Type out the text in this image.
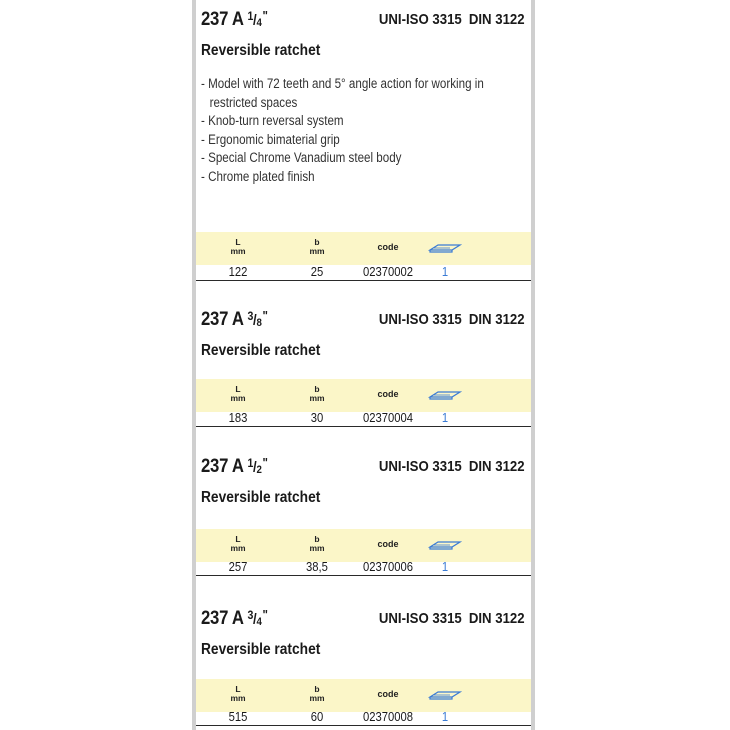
237 A $^1$/4"	UNI-ISO 3315 DIN 3122
Reversible ratchet
- Model with 72 teeth and 5° angle action for working in restricted spaces
- Knob-turn reversal system
- Ergonomic bimaterial grip
- Special Chrome Vanadium steel body
- Chrome plated finish
L
mm
b
mm	code
122	25	02370002	1
237 A $^3$/8"	UNI-ISO 3315 DIN 3122
Reversible ratchet
L
mm
b
mm	code
183	30	02370004	1
237 A $^1$/2"	UNI-ISO 3315 DIN 3122
Reversible ratchet
L
mm
b
mm	code
257	38,5	02370006	1
237 A $^3$/4"	UNI-ISO 3315 DIN 3122
Reversible ratchet
L
mm
b
mm	code
515	60	02370008	1
